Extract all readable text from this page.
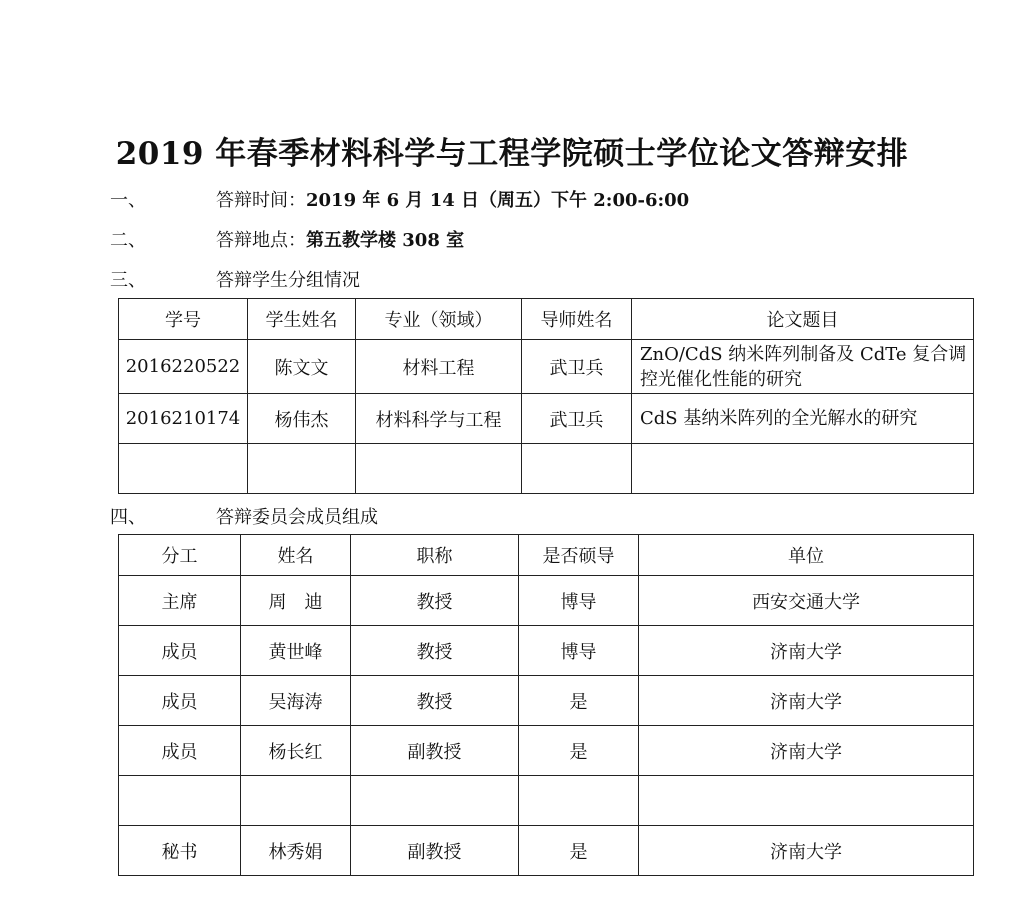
2019 年春季材料科学与工程学院硕士学位论文答辩安排
一、	答辩时间：2019 年 6 月 14 日（周五）下午 2:00-6:00
二、	答辩地点：第五教学楼 308 室
三、	答辩学生分组情况
学号	学生姓名	专业（领域）	导师姓名	论文题目
2016220522	陈文文	材料工程	武卫兵	ZnO/CdS 纳米阵列制备及 CdTe 复合调控光催化性能的研究
2016210174	杨伟杰	材料科学与工程	武卫兵	CdS 基纳米阵列的全光解水的研究

四、	答辩委员会成员组成
分工	姓名	职称	是否硕导	单位
主席	周　迪	教授	博导	西安交通大学
成员	黄世峰	教授	博导	济南大学
成员	吴海涛	教授	是	济南大学
成员	杨长红	副教授	是	济南大学

秘书	林秀娟	副教授	是	济南大学
